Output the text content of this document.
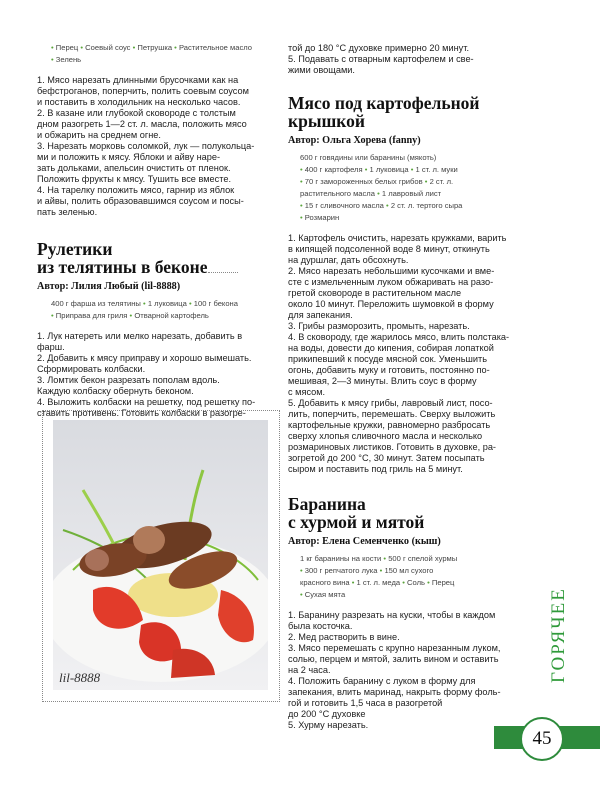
• Перец • Соевый соус • Петрушка • Растительное масло
• Зелень
1. Мясо нарезать длинными брусочками как на
бефстроганов, поперчить, полить соевым соусом
и поставить в холодильник на несколько часов.
2. В казане или глубокой сковороде с толстым
дном разогреть 1—2 ст. л. масла, положить мясо
и обжарить на среднем огне.
3. Нарезать морковь соломкой, лук — полукольца-
ми и положить к мясу. Яблоки и айву наре-
зать дольками, апельсин очистить от пленок.
Положить фрукты к мясу. Тушить все вместе.
4. На тарелку положить мясо, гарнир из яблок
и айвы, полить образовавшимся соусом и посы-
пать зеленью.
Рулетики
из телятины в беконе
Автор: Лилия Любый (lil-8888)
400 г фарша из телятины • 1 луковица • 100 г бекона
• Приправа для гриля • Отварной картофель
1. Лук натереть или мелко нарезать, добавить в фарш.
2. Добавить к мясу приправу и хорошо вымешать.
Сформировать колбаски.
3. Ломтик бекон разрезать пополам вдоль.
Каждую колбаску обернуть беконом.
4. Выложить колбаски на решетку, под решетку по-
ставить противень. Готовить колбаски в разогре-
lil-8888
той до 180 °С духовке примерно 20 минут.
5. Подавать с отварным картофелем и све-
жими овощами.
Мясо под картофельной
крышкой
Автор: Ольга Хорева (fanny)
600 г говядины или баранины (мякоть)
• 400 г картофеля • 1 луковица • 1 ст. л. муки
• 70 г замороженных белых грибов • 2 ст. л.
растительного масла • 1 лавровый лист
• 15 г сливочного масла • 2 ст. л. тертого сыра
• Розмарин
1. Картофель очистить, нарезать кружками, варить
в кипящей подсоленной воде 8 минут, откинуть
на дуршлаг, дать обсохнуть.
2. Мясо нарезать небольшими кусочками и вме-
сте с измельченным луком обжаривать на разо-
гретой сковороде в растительном масле
около 10 минут. Переложить шумовкой в форму
для запекания.
3. Грибы разморозить, промыть, нарезать.
4. В сковороду, где жарилось мясо, влить полстака-
на воды, довести до кипения, собирая лопаткой
прикипевший к посуде мясной сок. Уменьшить
огонь, добавить муку и готовить, постоянно по-
мешивая, 2—3 минуты. Влить соус в форму
с мясом.
5. Добавить к мясу грибы, лавровый лист, посо-
лить, поперчить, перемешать. Сверху выложить
картофельные кружки, равномерно разбросать
сверху хлопья сливочного масла и несколько
розмариновых листиков. Готовить в духовке, ра-
зогретой до 200 °С, 30 минут. Затем посыпать
сыром и поставить под гриль на 5 минут.
Баранина
с хурмой и мятой
Автор: Елена Семенченко (кыш)
1 кг баранины на кости • 500 г спелой хурмы
• 300 г репчатого лука • 150 мл сухого
красного вина • 1 ст. л. меда • Соль • Перец
• Сухая мята
1. Баранину разрезать на куски, чтобы в каждом
была косточка.
2. Мед растворить в вине.
3. Мясо перемешать с крупно нарезанным луком,
солью, перцем и мятой, залить вином и оставить
на 2 часа.
4. Положить баранину с луком в форму для
запекания, влить маринад, накрыть форму фоль-
гой и готовить 1,5 часа в разогретой
до 200 °С духовке
5. Хурму нарезать.
ГОРЯЧЕЕ
45
